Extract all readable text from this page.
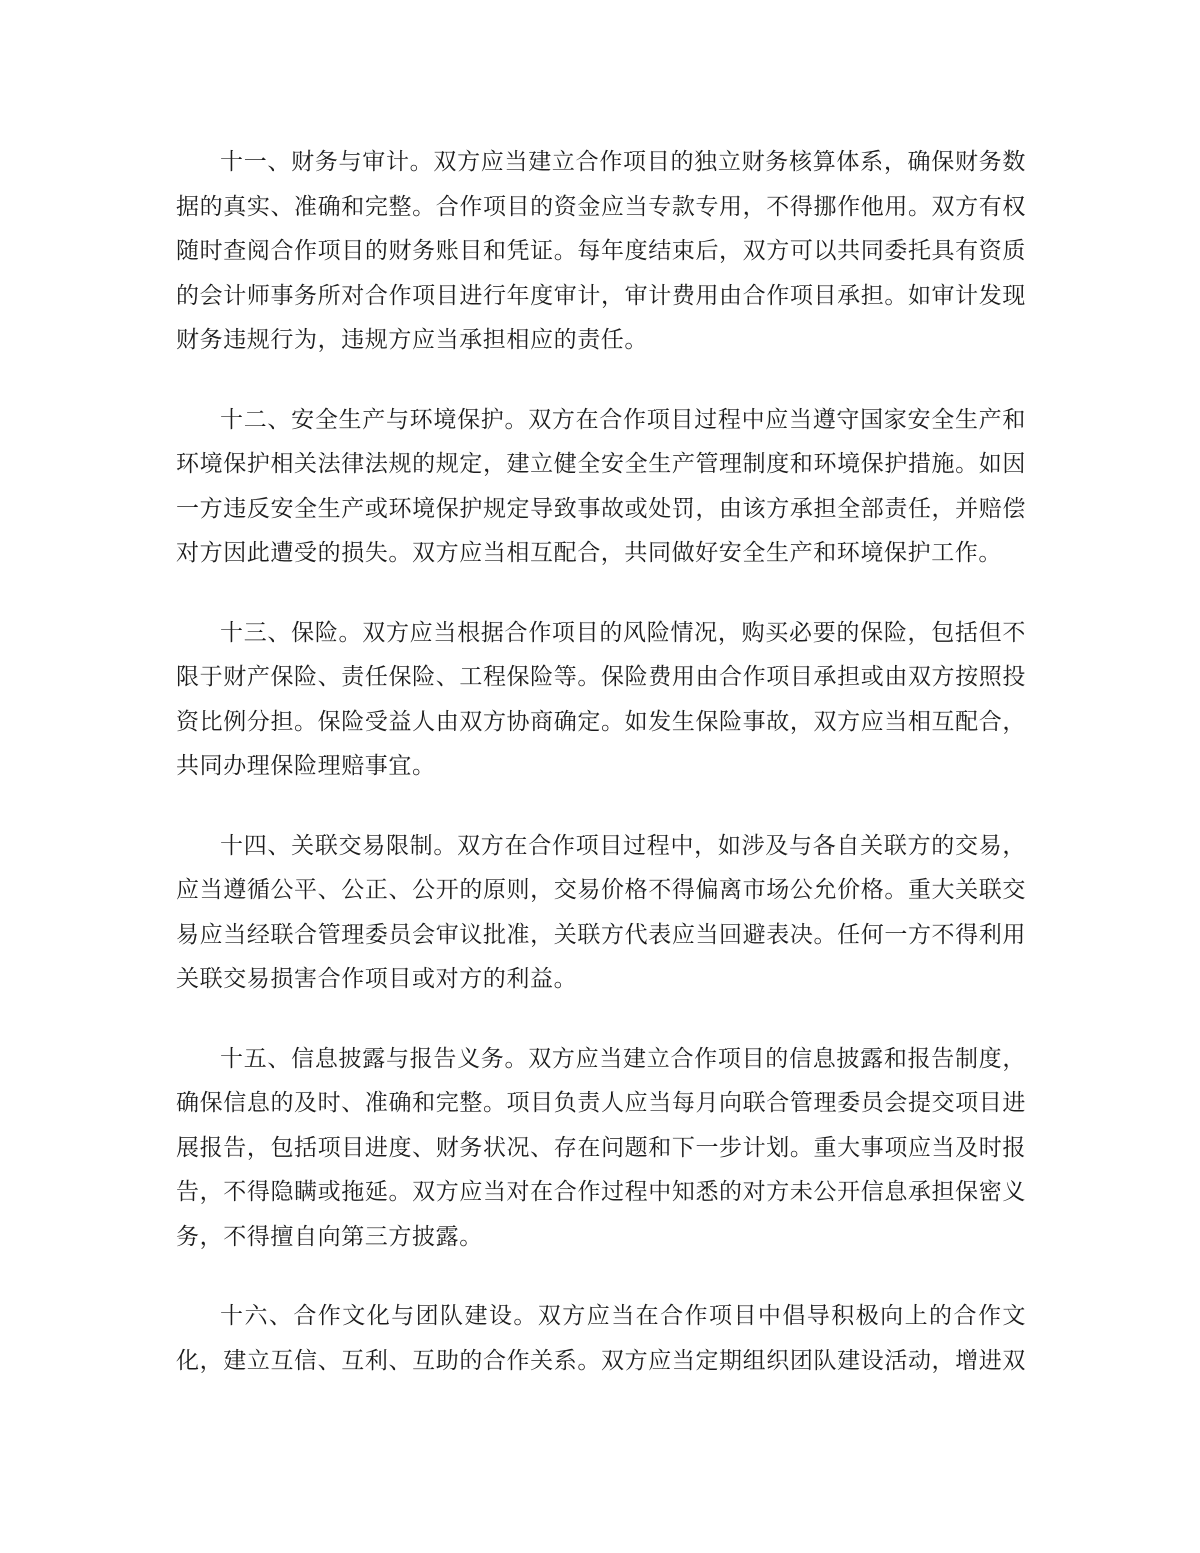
十一、财务与审计。双方应当建立合作项目的独立财务核算体系，确保财务数
据的真实、准确和完整。合作项目的资金应当专款专用，不得挪作他用。双方有权
随时查阅合作项目的财务账目和凭证。每年度结束后，双方可以共同委托具有资质
的会计师事务所对合作项目进行年度审计，审计费用由合作项目承担。如审计发现
财务违规行为，违规方应当承担相应的责任。

十二、安全生产与环境保护。双方在合作项目过程中应当遵守国家安全生产和
环境保护相关法律法规的规定，建立健全安全生产管理制度和环境保护措施。如因
一方违反安全生产或环境保护规定导致事故或处罚，由该方承担全部责任，并赔偿
对方因此遭受的损失。双方应当相互配合，共同做好安全生产和环境保护工作。

十三、保险。双方应当根据合作项目的风险情况，购买必要的保险，包括但不
限于财产保险、责任保险、工程保险等。保险费用由合作项目承担或由双方按照投
资比例分担。保险受益人由双方协商确定。如发生保险事故，双方应当相互配合，
共同办理保险理赔事宜。

十四、关联交易限制。双方在合作项目过程中，如涉及与各自关联方的交易，
应当遵循公平、公正、公开的原则，交易价格不得偏离市场公允价格。重大关联交
易应当经联合管理委员会审议批准，关联方代表应当回避表决。任何一方不得利用
关联交易损害合作项目或对方的利益。

十五、信息披露与报告义务。双方应当建立合作项目的信息披露和报告制度，
确保信息的及时、准确和完整。项目负责人应当每月向联合管理委员会提交项目进
展报告，包括项目进度、财务状况、存在问题和下一步计划。重大事项应当及时报
告，不得隐瞒或拖延。双方应当对在合作过程中知悉的对方未公开信息承担保密义
务，不得擅自向第三方披露。

十六、合作文化与团队建设。双方应当在合作项目中倡导积极向上的合作文
化，建立互信、互利、互助的合作关系。双方应当定期组织团队建设活动，增进双
